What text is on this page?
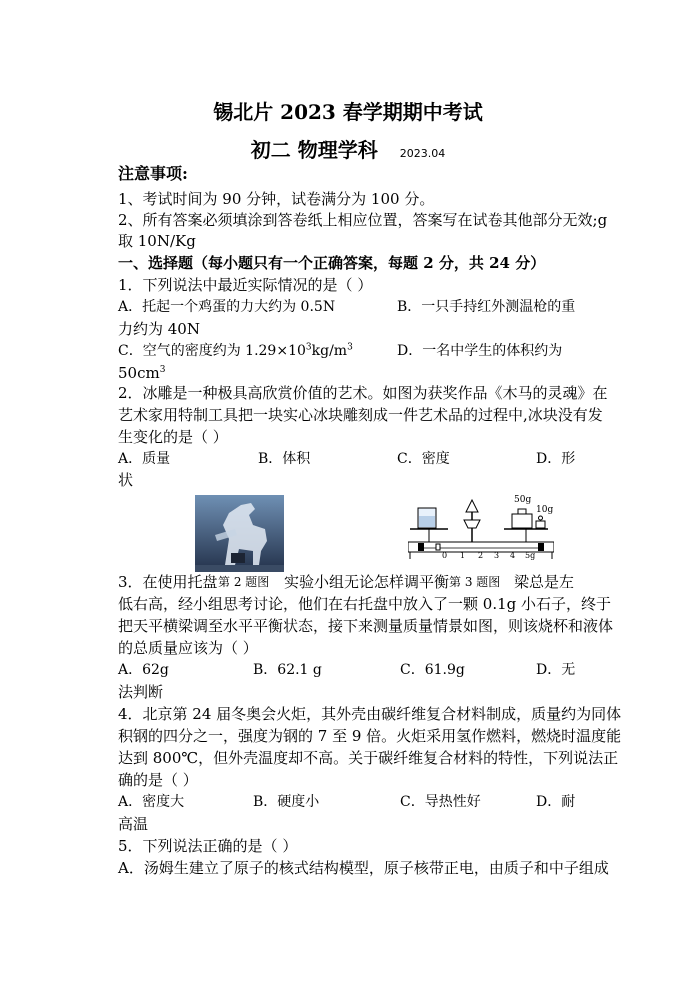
锡北片 2023 春学期期中考试
初二 物理学科 2023.04
注意事项:
1、考试时间为 90 分钟，试卷满分为 100 分。
2、所有答案必须填涂到答卷纸上相应位置，答案写在试卷其他部分无效;g
取 10N/Kg
一、选择题（每小题只有一个正确答案，每题 2 分，共 24 分）
1．下列说法中最近实际情况的是（ ）
A．托起一个鸡蛋的力大约为 0.5N	B．一只手持红外测温枪的重
力约为 40N
C．空气的密度约为 $1.29\times 10^3kg/m^3$	D．一名中学生的体积约为
$50cm^3$
2．冰雕是一种极具高欣赏价值的艺术。如图为获奖作品《木马的灵魂》在
艺术家用特制工具把一块实心冰块雕刻成一件艺术品的过程中,冰块没有发
生变化的是（ ）
A．质量	B．体积	C．密度	D．形
状
50g
10g
0 1 2 3 4 5g
3．在使用托盘 第 2 题图 实验小组无论怎样调平衡 第 3 题图 梁总是左
低右高，经小组思考讨论，他们在右托盘中放入了一颗 0.1g 小石子，终于
把天平横梁调至水平平衡状态，接下来测量质量情景如图，则该烧杯和液体
的总质量应该为（ ）
A．62g	B．62.1 g	C．61.9g	D．无
法判断
4．北京第 24 届冬奥会火炬，其外壳由碳纤维复合材料制成，质量约为同体
积钢的四分之一，强度为钢的 7 至 9 倍。火炬采用氢作燃料，燃烧时温度能
达到 800℃，但外壳温度却不高。关于碳纤维复合材料的特性，下列说法正
确的是（ ）
A．密度大	B．硬度小	C．导热性好	D．耐
高温
5．下列说法正确的是（ ）
A．汤姆生建立了原子的核式结构模型，原子核带正电，由质子和中子组成
